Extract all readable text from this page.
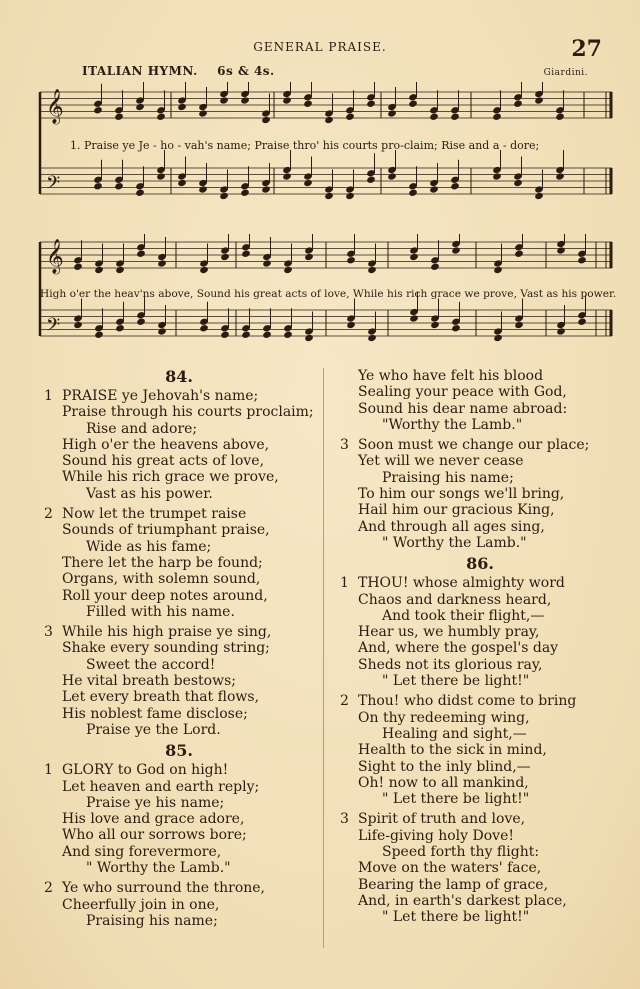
GENERAL PRAISE.	27
ITALIAN HYMN. 6s & 4s.	Giardini.
𝄞
𝄢
1. Praise ye Je - ho - vah's name; Praise thro' his courts pro-claim; Rise and a - dore;
𝄞
𝄢
High o'er the heav'ns above, Sound his great acts of love, While his rich grace we prove, Vast as his power.
84.
1 PRAISE ye Jehovah's name;
Praise through his courts proclaim;
Rise and adore;
High o'er the heavens above,
Sound his great acts of love,
While his rich grace we prove,
Vast as his power.
2 Now let the trumpet raise
Sounds of triumphant praise,
Wide as his fame;
There let the harp be found;
Organs, with solemn sound,
Roll your deep notes around,
Filled with his name.
3 While his high praise ye sing,
Shake every sounding string;
Sweet the accord!
He vital breath bestows;
Let every breath that flows,
His noblest fame disclose;
Praise ye the Lord.
85.
1 GLORY to God on high!
Let heaven and earth reply;
Praise ye his name;
His love and grace adore,
Who all our sorrows bore;
And sing forevermore,
" Worthy the Lamb."
2 Ye who surround the throne,
Cheerfully join in one,
Praising his name;
Ye who have felt his blood
Sealing your peace with God,
Sound his dear name abroad:
"Worthy the Lamb."
3 Soon must we change our place;
Yet will we never cease
Praising his name;
To him our songs we'll bring,
Hail him our gracious King,
And through all ages sing,
" Worthy the Lamb."
86.
1 THOU! whose almighty word
Chaos and darkness heard,
And took their flight,—
Hear us, we humbly pray,
And, where the gospel's day
Sheds not its glorious ray,
" Let there be light!"
2 Thou! who didst come to bring
On thy redeeming wing,
Healing and sight,—
Health to the sick in mind,
Sight to the inly blind,—
Oh! now to all mankind,
" Let there be light!"
3 Spirit of truth and love,
Life-giving holy Dove!
Speed forth thy flight:
Move on the waters' face,
Bearing the lamp of grace,
And, in earth's darkest place,
" Let there be light!"
